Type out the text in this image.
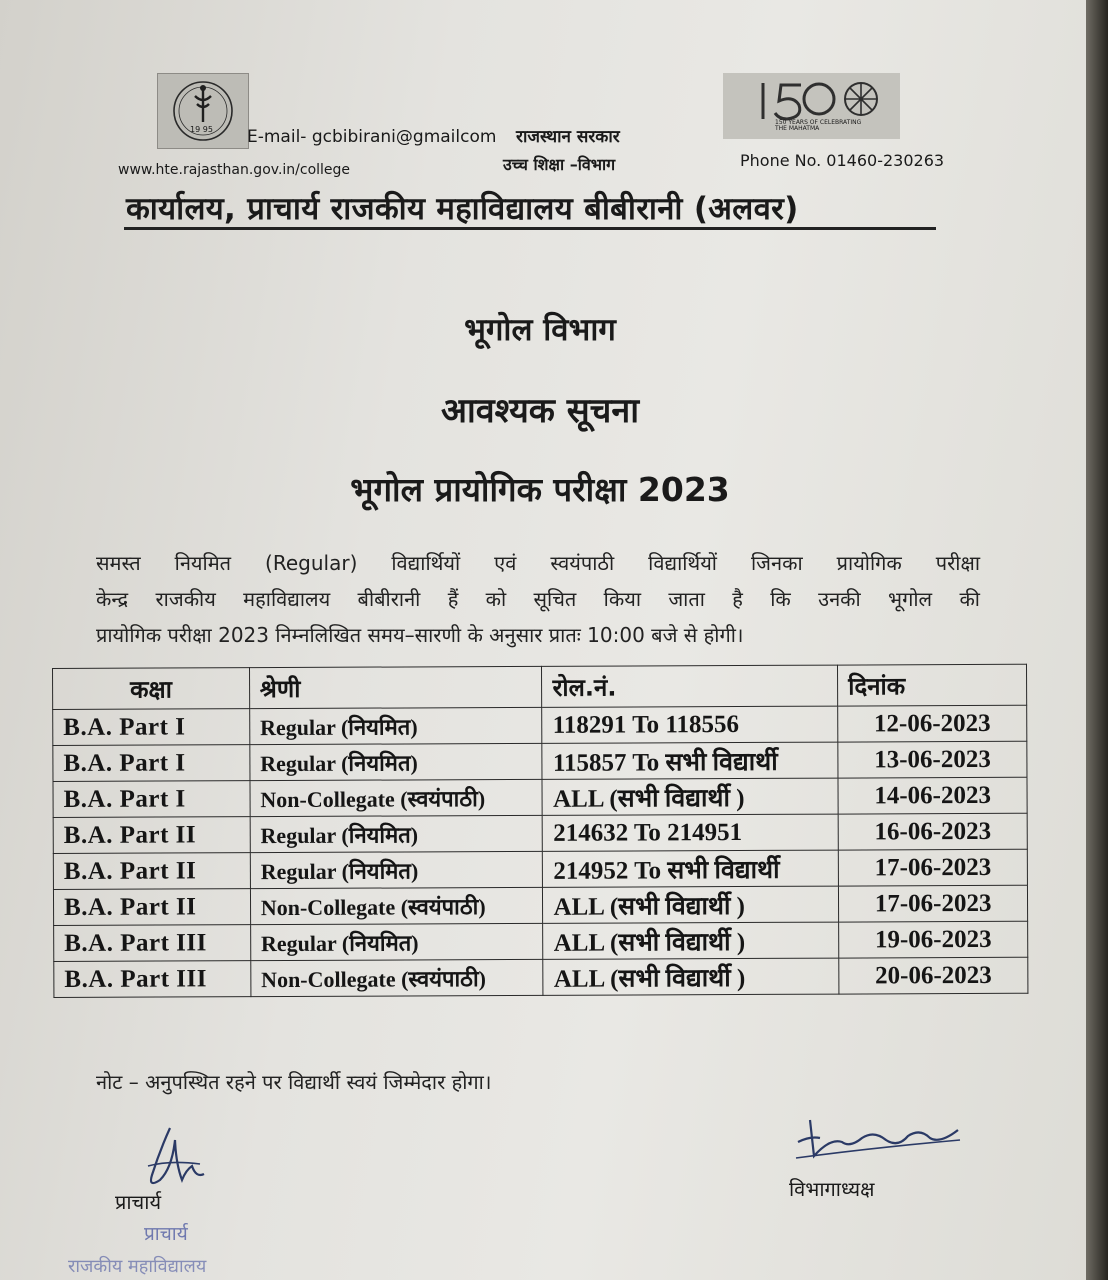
19 95
150 YEARS OF CELEBRATING THE MAHATMA
E-mail- gcbibirani@gmailcom राजस्थान सरकार
उच्च शिक्षा –विभाग
www.hte.rajasthan.gov.in/college	Phone No. 01460-230263
कार्यालय, प्राचार्य राजकीय महाविद्यालय बीबीरानी (अलवर)
भूगोल विभाग
आवश्यक सूचना
भूगोल प्रायोगिक परीक्षा 2023
समस्त नियमित (Regular) विद्यार्थियों एवं स्वयंपाठी विद्यार्थियों जिनका प्रायोगिक परीक्षा
केन्द्र राजकीय महाविद्यालय बीबीरानी हैं को सूचित किया जाता है कि उनकी भूगोल की
प्रायोगिक परीक्षा 2023 निम्नलिखित समय–सारणी के अनुसार प्रातः 10:00 बजे से होगी।
कक्षा	श्रेणी	रोल.नं.	दिनांक
B.A. Part I	Regular (नियमित)	118291 To 118556	12-06-2023
B.A. Part I	Regular (नियमित)	115857 To सभी विद्यार्थी	13-06-2023
B.A. Part I	Non-Collegate (स्वयंपाठी)	ALL (सभी विद्यार्थी )	14-06-2023
B.A. Part II	Regular (नियमित)	214632 To 214951	16-06-2023
B.A. Part II	Regular (नियमित)	214952 To सभी विद्यार्थी	17-06-2023
B.A. Part II	Non-Collegate (स्वयंपाठी)	ALL (सभी विद्यार्थी )	17-06-2023
B.A. Part III	Regular (नियमित)	ALL (सभी विद्यार्थी )	19-06-2023
B.A. Part III	Non-Collegate (स्वयंपाठी)	ALL (सभी विद्यार्थी )	20-06-2023
नोट – अनुपस्थित रहने पर विद्यार्थी स्वयं जिम्मेदार होगा।
प्राचार्य
विभागाध्यक्ष
प्राचार्य
राजकीय महाविद्यालय
